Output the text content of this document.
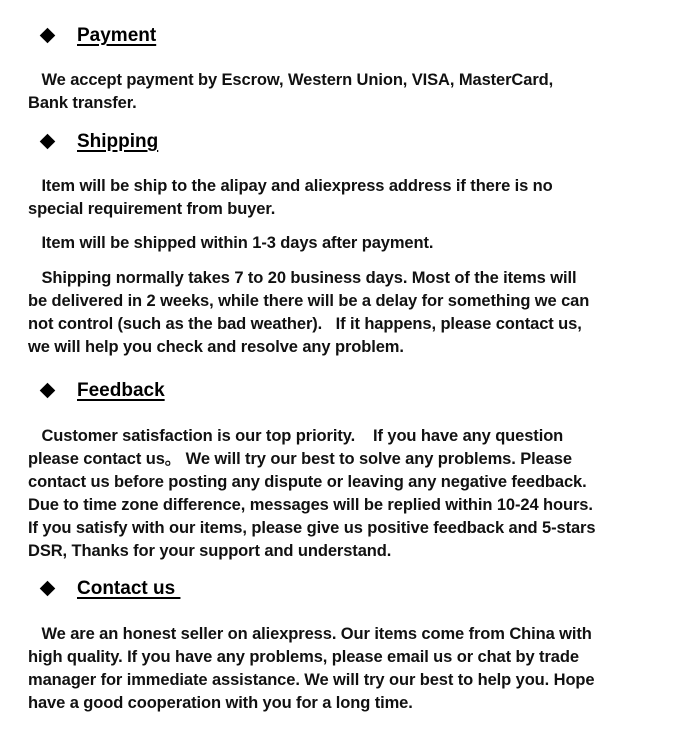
Payment
We accept payment by Escrow, Western Union, VISA, MasterCard,
Bank transfer.
Shipping
Item will be ship to the alipay and aliexpress address if there is no
special requirement from buyer.
Item will be shipped within 1-3 days after payment.
Shipping normally takes 7 to 20 business days. Most of the items will
be delivered in 2 weeks, while there will be a delay for something we can
not control (such as the bad weather).   If it happens, please contact us,
we will help you check and resolve any problem.
Feedback
Customer satisfaction is our top priority.    If you have any question
please contact us。 We will try our best to solve any problems. Please
contact us before posting any dispute or leaving any negative feedback.
Due to time zone difference, messages will be replied within 10-24 hours.
If you satisfy with our items, please give us positive feedback and 5-stars
DSR, Thanks for your support and understand.
Contact us
We are an honest seller on aliexpress. Our items come from China with
high quality. If you have any problems, please email us or chat by trade
manager for immediate assistance. We will try our best to help you. Hope
have a good cooperation with you for a long time.
